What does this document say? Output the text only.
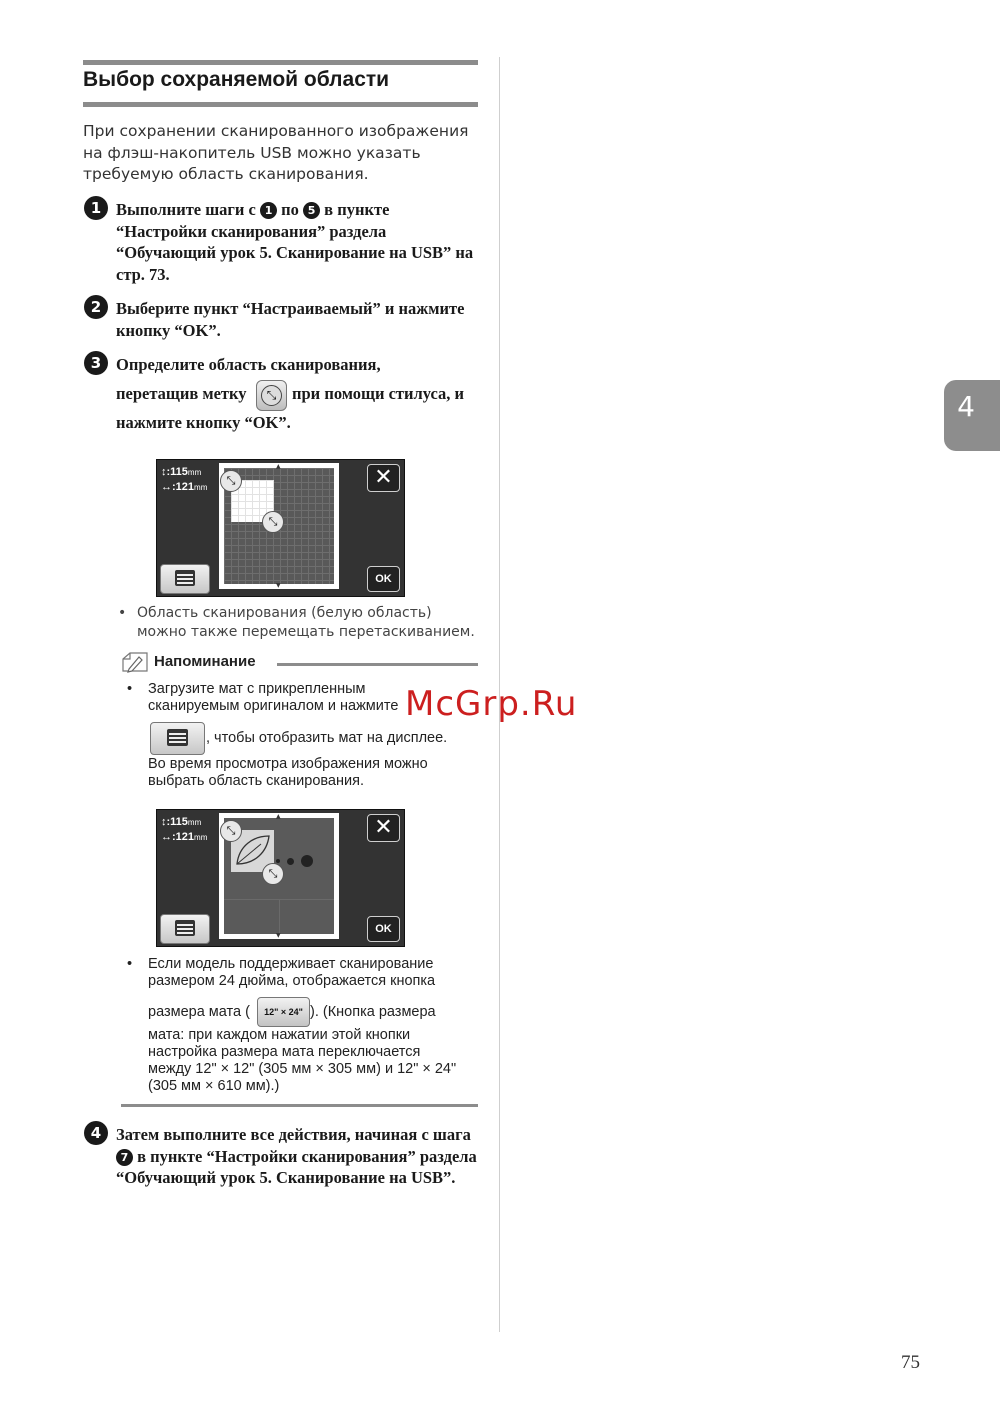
Выбор сохраняемой области
При сохранении сканированного изображения на флэш-накопитель USB можно указать требуемую область сканирования.
1 Выполните шаги с 1 по 5 в пункте “Настройки сканирования” раздела “Обучающий урок 5. Сканирование на USB” на стр. 73.
2 Выберите пункт “Настраиваемый” и нажмите кнопку “OK”.
3 Определите область сканирования,
перетащив метку	⤡ при помощи стилуса, и
нажмите кнопку “OK”.
↕:115mm
↔:121mm
▲
▼
⤡
⤡
✕
OK
• Область сканирования (белую область) можно также перемещать перетаскиванием.
Напоминание
• Загрузите мат с прикрепленным
сканируемым оригиналом и нажмите
, чтобы отобразить мат на дисплее.
Во время просмотра изображения можно
выбрать область сканирования.
↕:115mm
↔:121mm
▲
▼
⤡
⤡
✕
OK
• Если модель поддерживает сканирование
размером 24 дюйма, отображается кнопка
размера мата (	12" × 24" ). (Кнопка размера
мата: при каждом нажатии этой кнопки
настройка размера мата переключается
между 12" × 12" (305 мм × 305 мм) и 12" × 24"
(305 мм × 610 мм).)
4 Затем выполните все действия, начиная с шага 7 в пункте “Настройки сканирования” раздела “Обучающий урок 5. Сканирование на USB”.
4
McGrp.Ru
75
